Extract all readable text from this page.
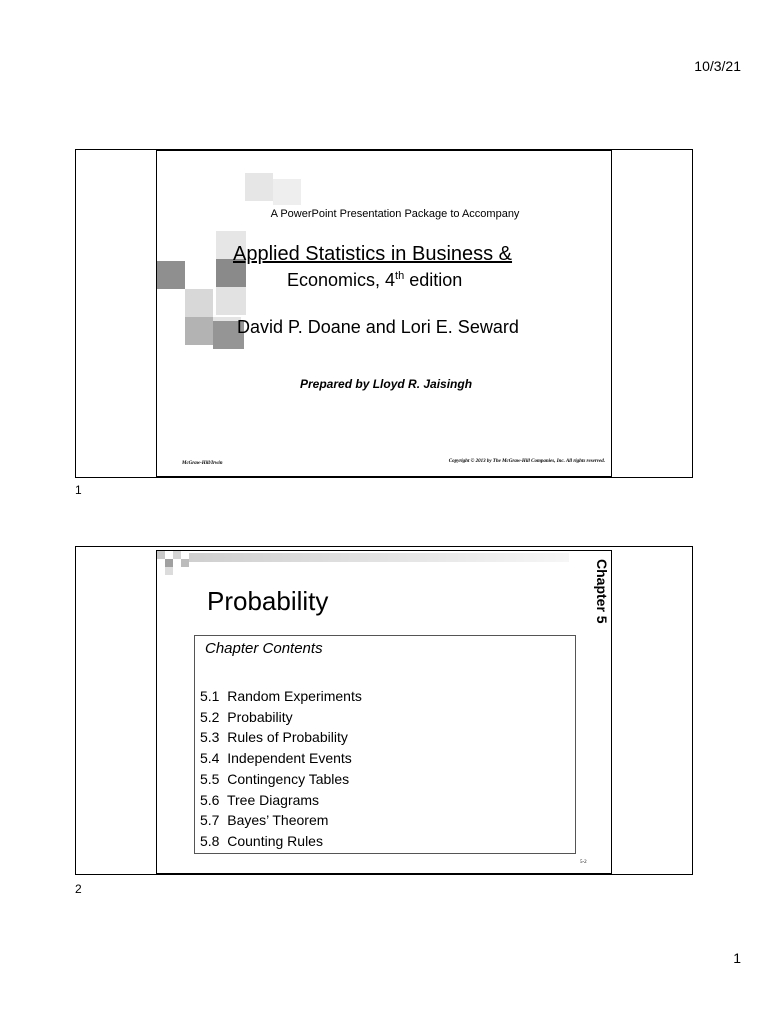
10/3/21
A PowerPoint Presentation Package to Accompany
Applied Statistics in Business &
Economics, 4th edition
David P. Doane and Lori E. Seward
Prepared by Lloyd R. Jaisingh
McGraw-Hill/Irwin	Copyright © 2013 by The McGraw-Hill Companies, Inc. All rights reserved.
1
Probability	Chapter 5
Chapter Contents
5.1  Random Experiments
5.2  Probability
5.3  Rules of Probability
5.4  Independent Events
5.5  Contingency Tables
5.6  Tree Diagrams
5.7  Bayes’ Theorem
5.8  Counting Rules
5-2
2
1
